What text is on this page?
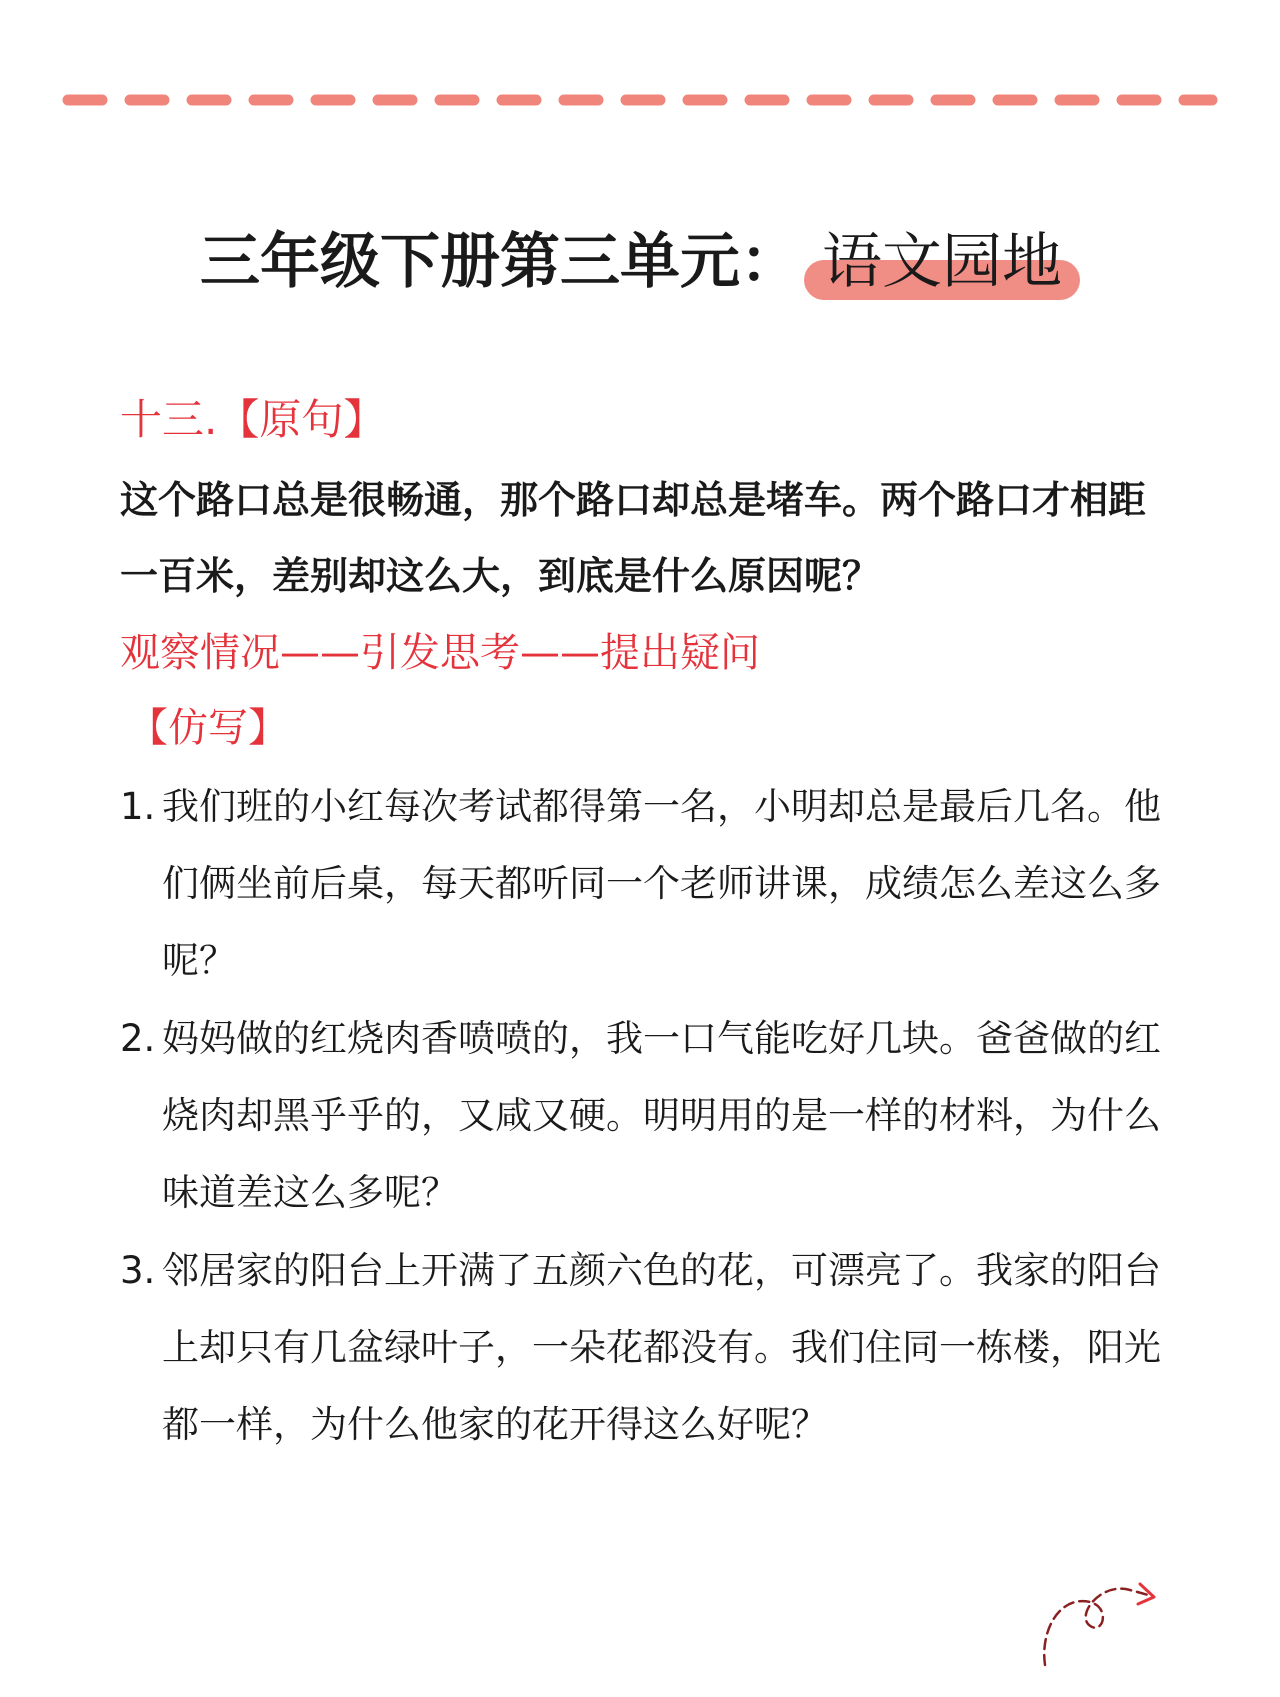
三年级下册第三单元： 语文园地
十三.【原句】
这个路口总是很畅通，那个路口却总是堵车。两个路口才相距一百米，差别却这么大，到底是什么原因呢？
观察情况——引发思考——提出疑问
【仿写】
1. 我们班的小红每次考试都得第一名，小明却总是最后几名。他们俩坐前后桌，每天都听同一个老师讲课，成绩怎么差这么多呢？
2. 妈妈做的红烧肉香喷喷的，我一口气能吃好几块。爸爸做的红烧肉却黑乎乎的，又咸又硬。明明用的是一样的材料，为什么味道差这么多呢？
3. 邻居家的阳台上开满了五颜六色的花，可漂亮了。我家的阳台上却只有几盆绿叶子，一朵花都没有。我们住同一栋楼，阳光都一样，为什么他家的花开得这么好呢？
